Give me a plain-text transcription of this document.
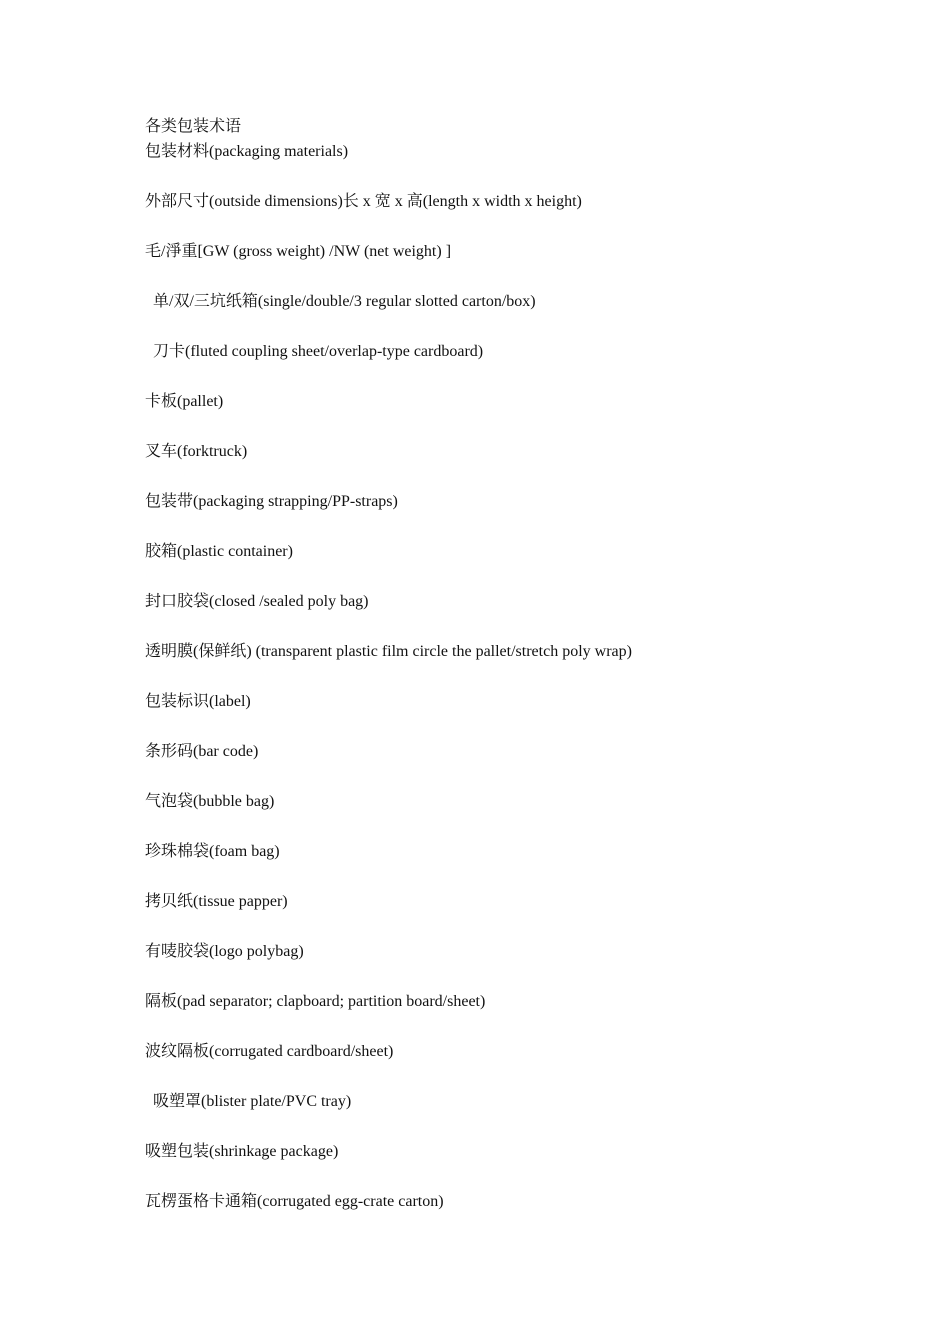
各类包装术语
包装材料(packaging materials)
外部尺寸(outside dimensions)长 x 宽 x 高(length x width x height)
毛/淨重[GW (gross weight) /NW (net weight) ]
单/双/三坑纸箱(single/double/3 regular slotted carton/box)
刀卡(fluted coupling sheet/overlap-type cardboard)
卡板(pallet)
叉车(forktruck)
包装带(packaging strapping/PP-straps)
胶箱(plastic container)
封口胶袋(closed /sealed poly bag)
透明膜(保鲜纸) (transparent plastic film circle the pallet/stretch poly wrap)
包装标识(label)
条形码(bar code)
气泡袋(bubble bag)
珍珠棉袋(foam bag)
拷贝纸(tissue papper)
有唛胶袋(logo polybag)
隔板(pad separator; clapboard; partition board/sheet)
波纹隔板(corrugated cardboard/sheet)
吸塑罩(blister plate/PVC tray)
吸塑包装(shrinkage package)
瓦楞蛋格卡通箱(corrugated egg-crate carton)
